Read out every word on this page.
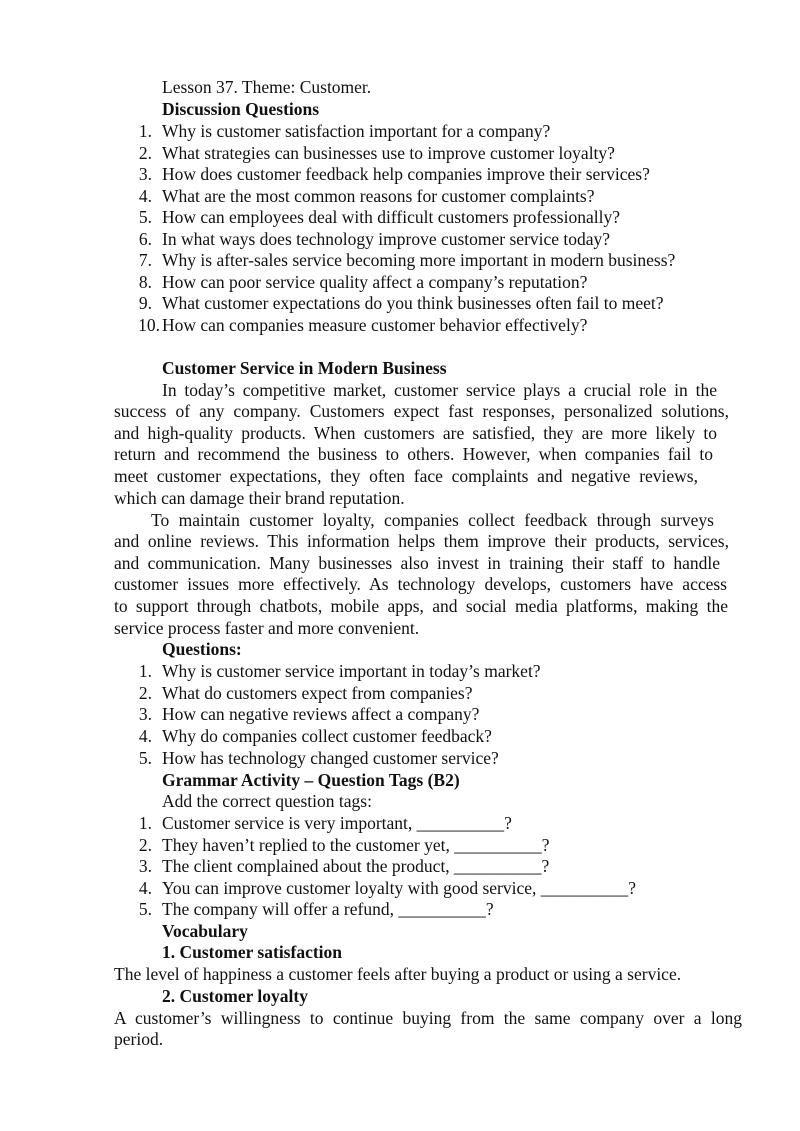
Lesson 37. Theme: Customer.
Discussion Questions
1. Why is customer satisfaction important for a company?
2. What strategies can businesses use to improve customer loyalty?
3. How does customer feedback help companies improve their services?
4. What are the most common reasons for customer complaints?
5. How can employees deal with difficult customers professionally?
6. In what ways does technology improve customer service today?
7. Why is after-sales service becoming more important in modern business?
8. How can poor service quality affect a company’s reputation?
9. What customer expectations do you think businesses often fail to meet?
10. How can companies measure customer behavior effectively?
Customer Service in Modern Business
In today’s competitive market, customer service plays a crucial role in the
success of any company. Customers expect fast responses, personalized solutions,
and high-quality products. When customers are satisfied, they are more likely to
return and recommend the business to others. However, when companies fail to
meet customer expectations, they often face complaints and negative reviews,
which can damage their brand reputation.
To maintain customer loyalty, companies collect feedback through surveys
and online reviews. This information helps them improve their products, services,
and communication. Many businesses also invest in training their staff to handle
customer issues more effectively. As technology develops, customers have access
to support through chatbots, mobile apps, and social media platforms, making the
service process faster and more convenient.
Questions:
1. Why is customer service important in today’s market?
2. What do customers expect from companies?
3. How can negative reviews affect a company?
4. Why do companies collect customer feedback?
5. How has technology changed customer service?
Grammar Activity – Question Tags (B2)
Add the correct question tags:
1. Customer service is very important, __________?
2. They haven’t replied to the customer yet, __________?
3. The client complained about the product, __________?
4. You can improve customer loyalty with good service, __________?
5. The company will offer a refund, __________?
Vocabulary
1. Customer satisfaction
The level of happiness a customer feels after buying a product or using a service.
2. Customer loyalty
A customer’s willingness to continue buying from the same company over a long
period.
